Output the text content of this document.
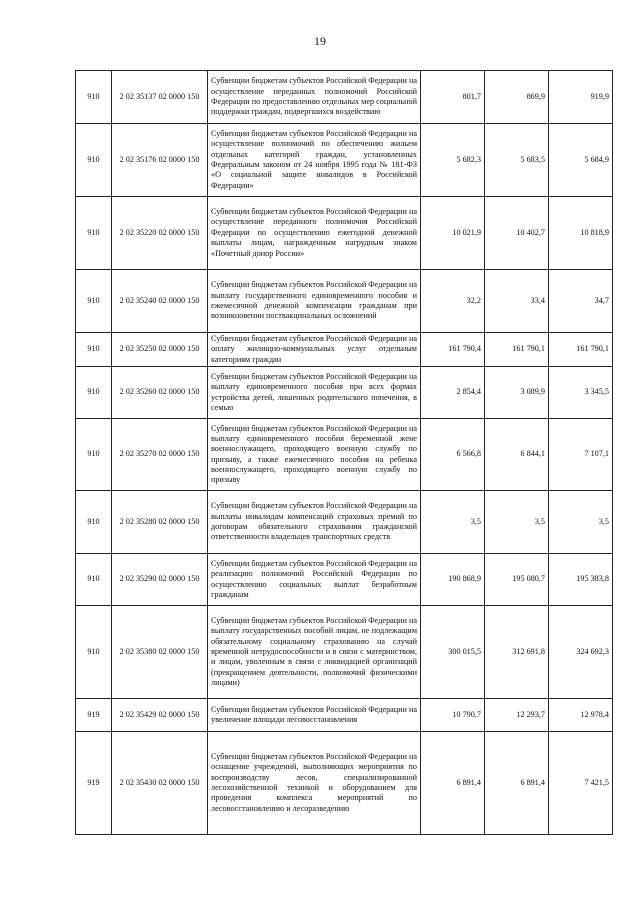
19
910	2 02 35137 02 0000 150	Субвенции бюджетам субъектов Российской Федерации на осуществление переданных полномочий Российской Федерации по предоставлению отдельных мер социальной поддержки граждан, подвергшихся воздействию	801,7	869,9	919,9
910	2 02 35176 02 0000 150	Субвенции бюджетам субъектов Российской Федерации на осуществление полномочий по обеспечению жильем отдельных категорий граждан, установленных Федеральным законом от 24 ноября 1995 года № 181-ФЗ «О социальной защите инвалидов в Российской Федерации»	5 682,3	5 683,5	5 684,9
910	2 02 35220 02 0000 150	Субвенции бюджетам субъектов Российской Федерации на осуществление переданного полномочия Российской Федерации по осуществлению ежегодной денежной выплаты лицам, награжденным нагрудным знаком «Почетный донор России»	10 021,9	10 402,7	10 818,9
910	2 02 35240 02 0000 150	Субвенции бюджетам субъектов Российской Федерации на выплату государственного единовременного пособия и ежемесячной денежной компенсации гражданам при возникновении поствакцинальных осложнений	32,2	33,4	34,7
910	2 02 35250 02 0000 150	Субвенции бюджетам субъектов Российской Федерации на оплату жилищно-коммунальных услуг отдельным категориям граждан	161 790,4	161 790,1	161 790,1
910	2 02 35260 02 0000 150	Субвенции бюджетам субъектов Российской Федерации на выплату единовременного пособия при всех формах устройства детей, лишенных родительского попечения, в семью	2 854,4	3 089,9	3 345,5
910	2 02 35270 02 0000 150	Субвенции бюджетам субъектов Российской Федерации на выплату единовременного пособия беременной жене военнослужащего, проходящего военную службу по призыву, а также ежемесячного пособия на ребенка военнослужащего, проходящего военную службу по призыву	6 566,8	6 844,1	7 107,1
910	2 02 35280 02 0000 150	Субвенции бюджетам субъектов Российской Федерации на выплаты инвалидам компенсаций страховых премий по договорам обязательного страхования гражданской ответственности владельцев транспортных средств	3,5	3,5	3,5
910	2 02 35290 02 0000 150	Субвенции бюджетам субъектов Российской Федерации на реализацию полномочий Российской Федерации по осуществлению социальных выплат безработным гражданам	190 868,9	195 080,7	195 383,8
910	2 02 35380 02 0000 150	Субвенции бюджетам субъектов Российской Федерации на выплату государственных пособий лицам, не подлежащим обязательному социальному страхованию на случай временной нетрудоспособности и в связи с материнством, и лицам, уволенным в связи с ликвидацией организаций (прекращением деятельности, полномочий физическими лицами)	300 015,5	312 691,8	324 692,3
919	2 02 35429 02 0000 150	Субвенции бюджетам субъектов Российской Федерации на увеличение площади лесовосстановления	10 790,7	12 293,7	12 978,4
919	2 02 35430 02 0000 150	Субвенции бюджетам субъектов Российской Федерации на оснащение учреждений, выполняющих мероприятия по воспроизводству лесов, специализированной лесохозяйственной техникой и оборудованием для проведения комплекса мероприятий по лесовосстановлению и лесоразведению	6 891,4	6 891,4	7 421,5
